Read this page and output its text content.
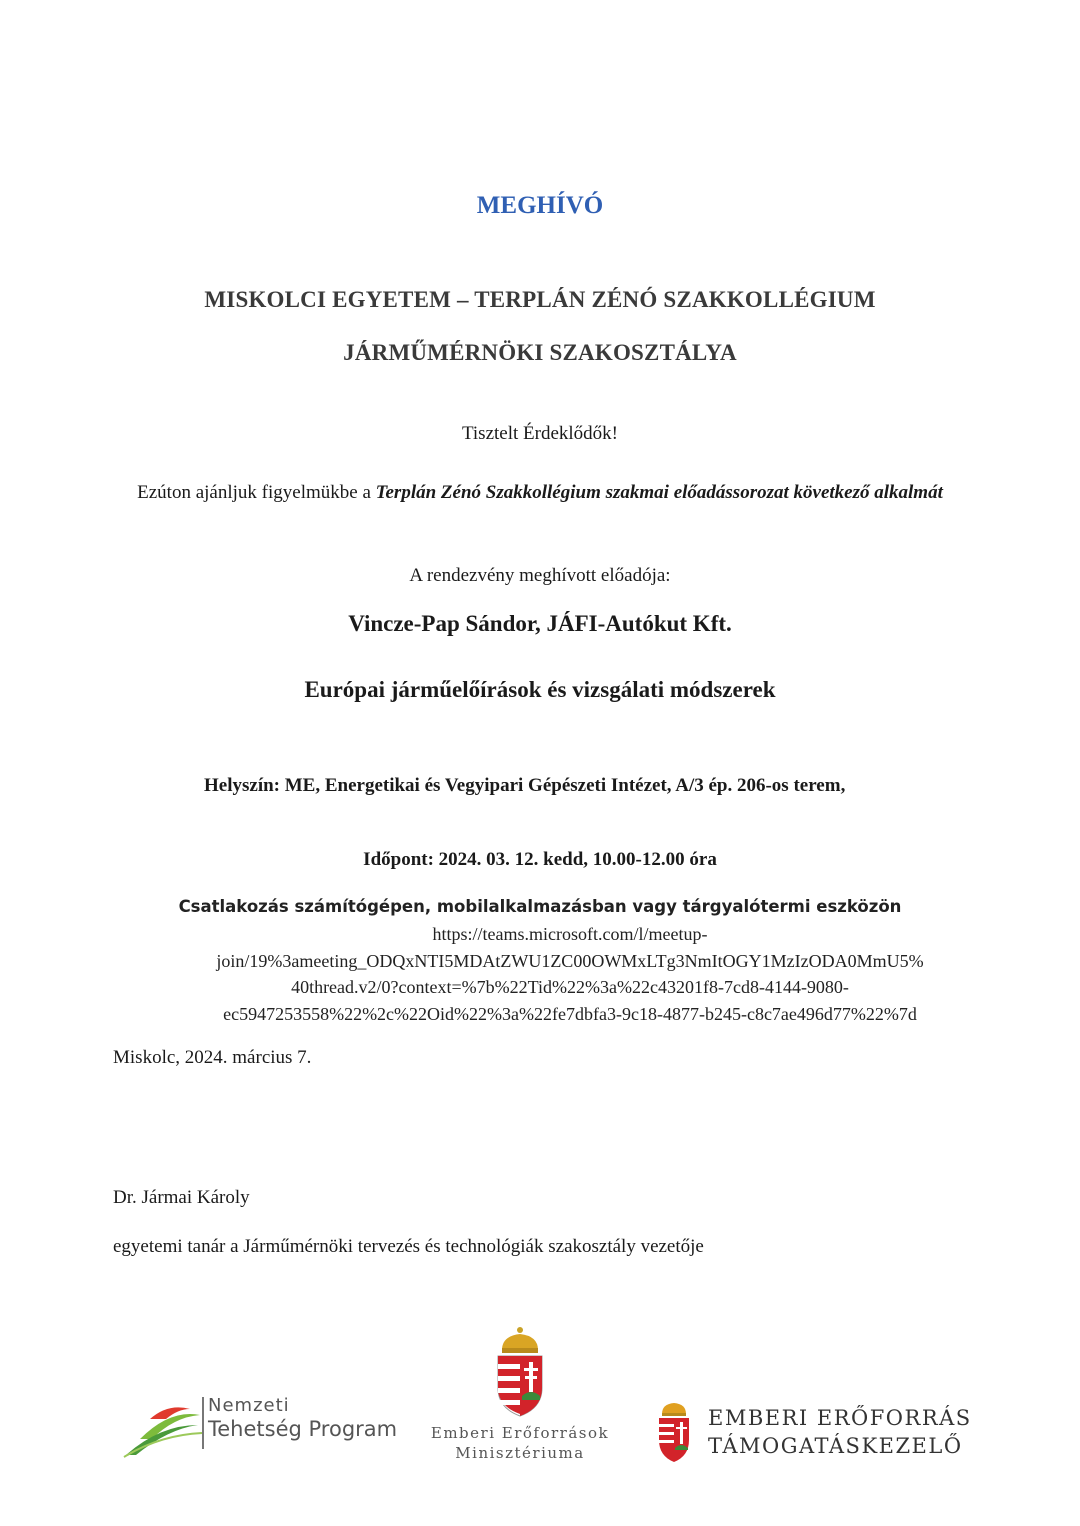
MEGHÍVÓ
MISKOLCI EGYETEM – TERPLÁN ZÉNÓ SZAKKOLLÉGIUM
JÁRMŰMÉRNÖKI SZAKOSZTÁLYA
Tisztelt Érdeklődők!
Ezúton ajánljuk figyelmükbe a Terplán Zénó Szakkollégium szakmai előadássorozat következő alkalmát
A rendezvény meghívott előadója:
Vincze-Pap Sándor, JÁFI-Autókut Kft.
Európai járműelőírások és vizsgálati módszerek
Helyszín: ME, Energetikai és Vegyipari Gépészeti Intézet, A/3 ép. 206-os terem,
Időpont: 2024. 03. 12. kedd, 10.00-12.00 óra
Csatlakozás számítógépen, mobilalkalmazásban vagy tárgyalótermi eszközön
https://teams.microsoft.com/l/meetup-
join/19%3ameeting_ODQxNTI5MDAtZWU1ZC00OWMxLTg3NmItOGY1MzIzODA0MmU5%
40thread.v2/0?context=%7b%22Tid%22%3a%22c43201f8-7cd8-4144-9080-
ec5947253558%22%2c%22Oid%22%3a%22fe7dbfa3-9c18-4877-b245-c8c7ae496d77%22%7d
Miskolc, 2024. március 7.
Dr. Jármai Károly
egyetemi tanár a Járműmérnöki tervezés és technológiák szakosztály vezetője
Nemzeti
Tehetség Program	Emberi Erőforrások
Minisztériuma
EMBERI ERŐFORRÁS
TÁMOGATÁSKEZELŐ
